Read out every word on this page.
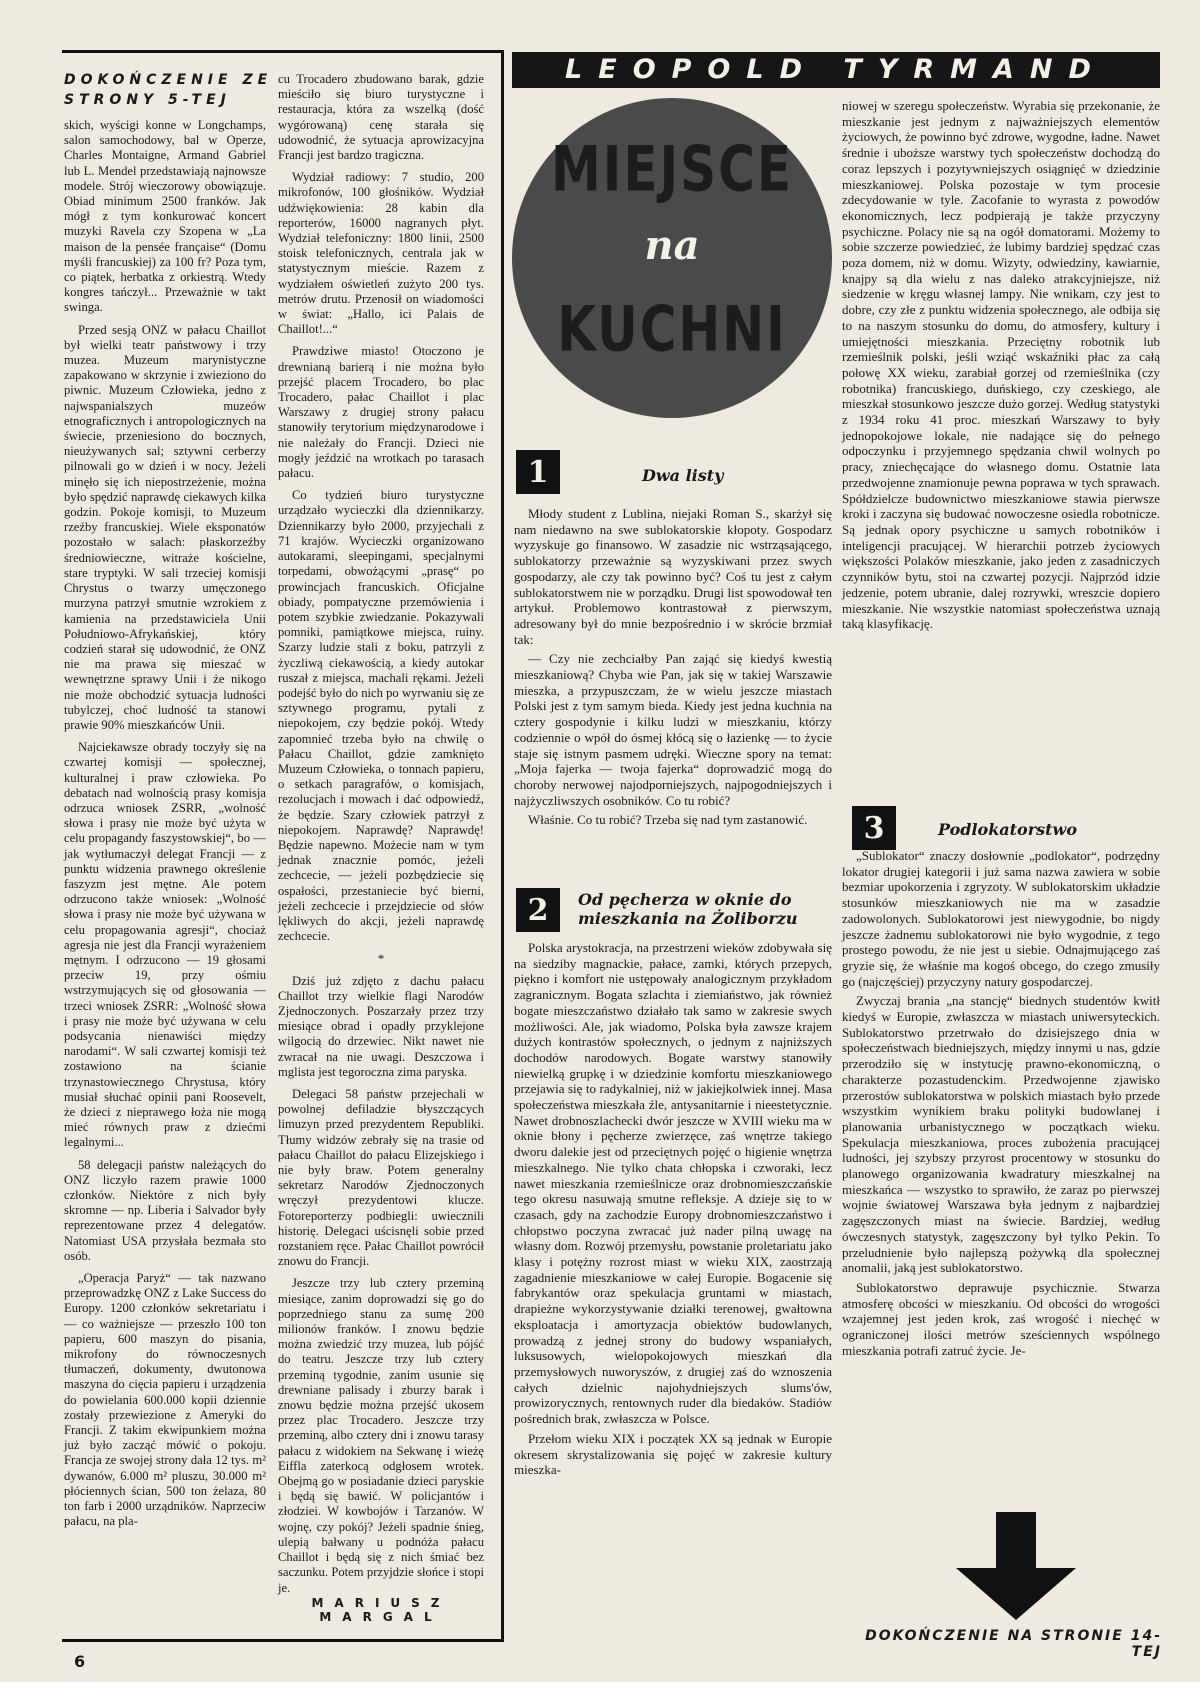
DOKOŃCZENIE ZE STRONY 5-TEJ

skich, wyścigi konne w Longchamps, salon samochodowy, bal w Operze, Charles Montaigne, Armand Gabriel lub L. Mendel przedstawiają najnowsze modele. Strój wieczorowy obowiązuje. Obiad minimum 2500 franków. Jak mógł z tym konkurować koncert muzyki Ravela czy Szopena w „La maison de la pensée française“ (Domu myśli francuskiej) za 100 fr? Poza tym, co piątek, herbatka z orkiestrą. Wtedy kongres tańczył... Przeważnie w takt swinga.

Przed sesją ONZ w pałacu Chaillot był wielki teatr państwowy i trzy muzea. Muzeum marynistyczne zapakowano w skrzynie i zwieziono do piwnic. Muzeum Człowieka, jedno z najwspanialszych muzeów etnograficznych i antropologicznych na świecie, przeniesiono do bocznych, nieużywanych sal; sztywni cerberzy pilnowali go w dzień i w nocy. Jeżeli minęło się ich niepostrzeżenie, można było spędzić naprawdę ciekawych kilka godzin. Pokoje komisji, to Muzeum rzeźby francuskiej. Wiele eksponatów pozostało w salach: płaskorzeźby średniowieczne, witraże kościelne, stare tryptyki. W sali trzeciej komisji Chrystus o twarzy umęczonego murzyna patrzył smutnie wzrokiem z kamienia na przedstawiciela Unii Południowo-Afrykańskiej, który codzień starał się udowodnić, że ONZ nie ma prawa się mieszać w wewnętrzne sprawy Unii i że nikogo nie może obchodzić sytuacja ludności tubylczej, choć ludność ta stanowi prawie 90% mieszkańców Unii.

Najciekawsze obrady toczyły się na czwartej komisji — społecznej, kulturalnej i praw człowieka. Po debatach nad wolnością prasy komisja odrzuca wniosek ZSRR, „wolność słowa i prasy nie może być użyta w celu propagandy faszystowskiej“, bo — jak wytłumaczył delegat Francji — z punktu widzenia prawnego określenie faszyzm jest mętne. Ale potem odrzucono także wniosek: „Wolność słowa i prasy nie może być używana w celu propagowania agresji“, chociaż agresja nie jest dla Francji wyrażeniem mętnym. I odrzucono — 19 głosami przeciw 19, przy ośmiu wstrzymujących się od głosowania — trzeci wniosek ZSRR: „Wolność słowa i prasy nie może być używana w celu podsycania nienawiści między narodami“. W sali czwartej komisji też zostawiono na ścianie trzynastowiecznego Chrystusa, który musiał słuchać opinii pani Roosevelt, że dzieci z nieprawego łoża nie mogą mieć równych praw z dziećmi legalnymi...

58 delegacji państw należących do ONZ liczyło razem prawie 1000 członków. Niektóre z nich były skromne — np. Liberia i Salvador były reprezentowane przez 4 delegatów. Natomiast USA przysłała bezmała sto osób.

„Operacja Paryż“ — tak nazwano przeprowadzkę ONZ z Lake Success do Europy. 1200 członków sekretariatu i — co ważniejsze — przeszło 100 ton papieru, 600 maszyn do pisania, mikrofony do równoczesnych tłumaczeń, dokumenty, dwutonowa maszyna do cięcia papieru i urządzenia do powielania 600.000 kopii dziennie zostały przewiezione z Ameryki do Francji. Z takim ekwipunkiem można już było zacząć mówić o pokoju. Francja ze swojej strony dała 12 tys. m² dywanów, 6.000 m² pluszu, 30.000 m² płóciennych ścian, 500 ton żelaza, 80 ton farb i 2000 urządników. Naprzeciw pałacu, na pla-

cu Trocadero zbudowano barak, gdzie mieściło się biuro turystyczne i restauracja, która za wszelką (dość wygórowaną) cenę starała się udowodnić, że sytuacja aprowizacyjna Francji jest bardzo tragiczna.

Wydział radiowy: 7 studio, 200 mikrofonów, 100 głośników. Wydział udźwiękowienia: 28 kabin dla reporterów, 16000 nagranych płyt. Wydział telefoniczny: 1800 linii, 2500 stoisk telefonicznych, centrala jak w statystycznym mieście. Razem z wydziałem oświetleń zużyto 200 tys. metrów drutu. Przenosił on wiadomości w świat: „Hallo, ici Palais de Chaillot!...“

Prawdziwe miasto! Otoczono je drewnianą barierą i nie można było przejść placem Trocadero, bo plac Trocadero, pałac Chaillot i plac Warszawy z drugiej strony pałacu stanowiły terytorium międzynarodowe i nie należały do Francji. Dzieci nie mogły jeździć na wrotkach po tarasach pałacu.

Co tydzień biuro turystyczne urządzało wycieczki dla dziennikarzy. Dziennikarzy było 2000, przyjechali z 71 krajów. Wycieczki organizowano autokarami, sleepingami, specjalnymi torpedami, obwożącymi „prasę“ po prowincjach francuskich. Oficjalne obiady, pompatyczne przemówienia i potem szybkie zwiedzanie. Pokazywali pomniki, pamiątkowe miejsca, ruiny. Szarzy ludzie stali z boku, patrzyli z życzliwą ciekawością, a kiedy autokar ruszał z miejsca, machali rękami. Jeżeli podejść było do nich po wyrwaniu się ze sztywnego programu, pytali z niepokojem, czy będzie pokój. Wtedy zapomnieć trzeba było na chwilę o Pałacu Chaillot, gdzie zamknięto Muzeum Człowieka, o tonnach papieru, o setkach paragrafów, o komisjach, rezolucjach i mowach i dać odpowiedź, że będzie. Szary człowiek patrzył z niepokojem. Naprawdę? Naprawdę! Będzie napewno. Możecie nam w tym jednak znacznie pomóc, jeżeli zechcecie, — jeżeli pozbędziecie się ospałości, przestaniecie być bierni, jeżeli zechcecie i przejdziecie od słów lękliwych do akcji, jeżeli naprawdę zechcecie.

*

Dziś już zdjęto z dachu pałacu Chaillot trzy wielkie flagi Narodów Zjednoczonych. Poszarzały przez trzy miesiące obrad i opadły przyklejone wilgocią do drzewiec. Nikt nawet nie zwracał na nie uwagi. Deszczowa i mglista jest tegoroczna zima paryska.

Delegaci 58 państw przejechali w powolnej defiladzie błyszczących limuzyn przed prezydentem Republiki. Tłumy widzów zebrały się na trasie od pałacu Chaillot do pałacu Elizejskiego i nie były braw. Potem generalny sekretarz Narodów Zjednoczonych wręczył prezydentowi klucze. Fotoreporterzy podbiegli: uwiecznili historię. Delegaci uścisnęli sobie przed rozstaniem ręce. Pałac Chaillot powrócił znowu do Francji.

Jeszcze trzy lub cztery przeminą miesiące, zanim doprowadzi się go do poprzedniego stanu za sumę 200 milionów franków. I znowu będzie można zwiedzić trzy muzea, lub pójść do teatru. Jeszcze trzy lub cztery przeminą tygodnie, zanim usunie się drewniane palisady i zburzy barak i znowu będzie można przejść ukosem przez plac Trocadero. Jeszcze trzy przeminą, albo cztery dni i znowu tarasy pałacu z widokiem na Sekwanę i wieżę Eiffla zaterkocą odgłosem wrotek. Obejmą go w posiadanie dzieci paryskie i będą się bawić. W policjantów i złodziei. W kowbojów i Tarzanów. W wojnę, czy pokój? Jeżeli spadnie śnieg, ulepią bałwany u podnóża pałacu Chaillot i będą się z nich śmiać bez saczunku. Potem przyjdzie słońce i stopi je.

MARIUSZ MARGAL
6
LEOPOLD TYRMAND
MIEJSCE
na
KUCHNI
1	Dwa listy

Młody student z Lublina, niejaki Roman S., skarżył się nam niedawno na swe sublokatorskie kłopoty. Gospodarz wyzyskuje go finansowo. W zasadzie nic wstrząsającego, sublokatorzy przeważnie są wyzyskiwani przez swych gospodarzy, ale czy tak powinno być? Coś tu jest z całym sublokatorstwem nie w porządku. Drugi list spowodował ten artykuł. Problemowo kontrastował z pierwszym, adresowany był do mnie bezpośrednio i w skrócie brzmiał tak:

— Czy nie zechciałby Pan zająć się kiedyś kwestią mieszkaniową? Chyba wie Pan, jak się w takiej Warszawie mieszka, a przypuszczam, że w wielu jeszcze miastach Polski jest z tym samym bieda. Kiedy jest jedna kuchnia na cztery gospodynie i kilku ludzi w mieszkaniu, którzy codziennie o wpół do ósmej kłócą się o łazienkę — to życie staje się istnym pasmem udręki. Wieczne spory na temat: „Moja fajerka — twoja fajerka“ doprowadzić mogą do choroby nerwowej najodporniejszych, najpogodniejszych i najżyczliwszych osobników. Co tu robić?

Właśnie. Co tu robić? Trzeba się nad tym zastanowić.

2	Od pęcherza w oknie do mieszkania na Żoliborzu

Polska arystokracja, na przestrzeni wieków zdobywała się na siedziby magnackie, pałace, zamki, których przepych, piękno i komfort nie ustępowały analogicznym przykładom zagranicznym. Bogata szlachta i ziemiaństwo, jak również bogate mieszczaństwo działało tak samo w zakresie swych możliwości. Ale, jak wiadomo, Polska była zawsze krajem dużych kontrastów społecznych, o jednym z najniższych dochodów narodowych. Bogate warstwy stanowiły niewielką grupkę i w dziedzinie komfortu mieszkaniowego przejawia się to radykalniej, niż w jakiejkolwiek innej. Masa społeczeństwa mieszkała źle, antysanitarnie i nieestetycznie. Nawet drobnoszlachecki dwór jeszcze w XVIII wieku ma w oknie błony i pęcherze zwierzęce, zaś wnętrze takiego dworu dalekie jest od przeciętnych pojęć o higienie wnętrza mieszkalnego. Nie tylko chata chłopska i czworaki, lecz nawet mieszkania rzemieślnicze oraz drobnomieszczańskie tego okresu nasuwają smutne refleksje. A dzieje się to w czasach, gdy na zachodzie Europy drobnomieszczaństwo i chłopstwo poczyna zwracać już nader pilną uwagę na własny dom. Rozwój przemysłu, powstanie proletariatu jako klasy i potężny rozrost miast w wieku XIX, zaostrzają zagadnienie mieszkaniowe w całej Europie. Bogacenie się fabrykantów oraz spekulacja gruntami w miastach, drapieżne wykorzystywanie działki terenowej, gwałtowna eksploatacja i amortyzacja obiektów budowlanych, prowadzą z jednej strony do budowy wspaniałych, luksusowych, wielopokojowych mieszkań dla przemysłowych nuworyszów, z drugiej zaś do wznoszenia całych dzielnic najohydniejszych slums'ów, prowizorycznych, rentownych ruder dla biedaków. Stadiów pośrednich brak, zwłaszcza w Polsce.

Przełom wieku XIX i początek XX są jednak w Europie okresem skrystalizowania się pojęć w zakresie kultury mieszka-

niowej w szeregu społeczeństw. Wyrabia się przekonanie, że mieszkanie jest jednym z najważniejszych elementów życiowych, że powinno być zdrowe, wygodne, ładne. Nawet średnie i uboższe warstwy tych społeczeństw dochodzą do coraz lepszych i pozytywniejszych osiągnięć w dziedzinie mieszkaniowej. Polska pozostaje w tym procesie zdecydowanie w tyle. Zacofanie to wyrasta z powodów ekonomicznych, lecz podpierają je także przyczyny psychiczne. Polacy nie są na ogół domatorami. Możemy to sobie szczerze powiedzieć, że lubimy bardziej spędzać czas poza domem, niż w domu. Wizyty, odwiedziny, kawiarnie, knajpy są dla wielu z nas daleko atrakcyjniejsze, niż siedzenie w kręgu własnej lampy. Nie wnikam, czy jest to dobre, czy złe z punktu widzenia społecznego, ale odbija się to na naszym stosunku do domu, do atmosfery, kultury i umiejętności mieszkania. Przeciętny robotnik lub rzemieślnik polski, jeśli wziąć wskaźniki płac za całą połowę XX wieku, zarabiał gorzej od rzemieślnika (czy robotnika) francuskiego, duńskiego, czy czeskiego, ale mieszkał stosunkowo jeszcze dużo gorzej. Według statystyki z 1934 roku 41 proc. mieszkań Warszawy to były jednopokojowe lokale, nie nadające się do pełnego odpoczynku i przyjemnego spędzania chwil wolnych po pracy, zniechęcające do własnego domu. Ostatnie lata przedwojenne znamionuje pewna poprawa w tych sprawach. Spółdzielcze budownictwo mieszkaniowe stawia pierwsze kroki i zaczyna się budować nowoczesne osiedla robotnicze. Są jednak opory psychiczne u samych robotników i inteligencji pracującej. W hierarchii potrzeb życiowych większości Polaków mieszkanie, jako jeden z zasadniczych czynników bytu, stoi na czwartej pozycji. Najprzód idzie jedzenie, potem ubranie, dalej rozrywki, wreszcie dopiero mieszkanie. Nie wszystkie natomiast społeczeństwa uznają taką klasyfikację.

3	Podlokatorstwo

„Sublokator“ znaczy dosłownie „podlokator“, podrzędny lokator drugiej kategorii i już sama nazwa zawiera w sobie bezmiar upokorzenia i zgryzoty. W sublokatorskim układzie stosunków mieszkaniowych nie ma w zasadzie zadowolonych. Sublokatorowi jest niewygodnie, bo nigdy jeszcze żadnemu sublokatorowi nie było wygodnie, z tego prostego powodu, że nie jest u siebie. Odnajmującego zaś gryzie się, że właśnie ma kogoś obcego, do czego zmusiły go (najczęściej) przyczyny natury gospodarczej.

Zwyczaj brania „na stancję“ biednych studentów kwitł kiedyś w Europie, zwłaszcza w miastach uniwersyteckich. Sublokatorstwo przetrwało do dzisiejszego dnia w społeczeństwach biedniejszych, między innymi u nas, gdzie przerodziło się w instytucję prawno-ekonomiczną, o charakterze pozastudenckim. Przedwojenne zjawisko przerostów sublokatorstwa w polskich miastach było przede wszystkim wynikiem braku polityki budowlanej i planowania urbanistycznego w początkach wieku. Spekulacja mieszkaniowa, proces zubożenia pracującej ludności, jej szybszy przyrost procentowy w stosunku do planowego organizowania kwadratury mieszkalnej na mieszkańca — wszystko to sprawiło, że zaraz po pierwszej wojnie światowej Warszawa była jednym z najbardziej zagęszczonych miast na świecie. Bardziej, według ówczesnych statystyk, zagęszczony był tylko Pekin. To przeludnienie było najlepszą pożywką dla społecznej anomalii, jaką jest sublokatorstwo.

Sublokatorstwo deprawuje psychicznie. Stwarza atmosferę obcości w mieszkaniu. Od obcości do wrogości wzajemnej jest jeden krok, zaś wrogość i niechęć w ograniczonej ilości metrów sześciennych wspólnego mieszkania potrafi zatruć życie. Je-

DOKOŃCZENIE NA STRONIE 14-TEJ
